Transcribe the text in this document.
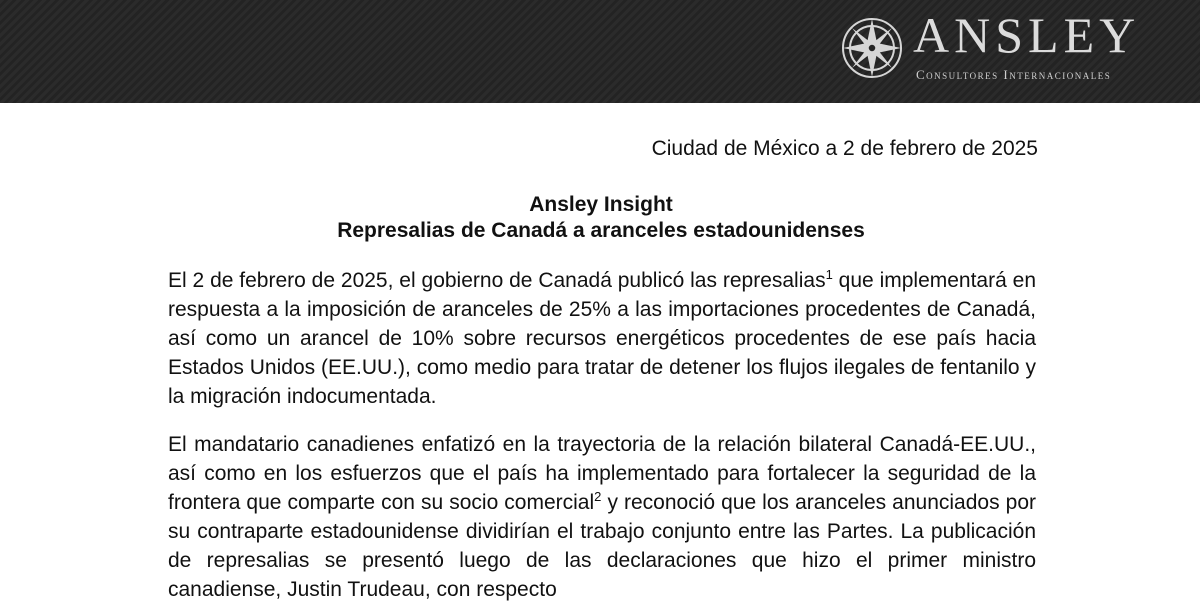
ANSLEY
Consultores Internacionales
Ciudad de México a 2 de febrero de 2025
Ansley Insight
Represalias de Canadá a aranceles estadounidenses

El 2 de febrero de 2025, el gobierno de Canadá publicó las represalias$^1$ que implementará en respuesta a la imposición de aranceles de 25% a las importaciones procedentes de Canadá, así como un arancel de 10% sobre recursos energéticos procedentes de ese país hacia Estados Unidos (EE.UU.), como medio para tratar de detener los flujos ilegales de fentanilo y la migración indocumentada.

El mandatario canadienes enfatizó en la trayectoria de la relación bilateral Canadá-EE.UU., así como en los esfuerzos que el país ha implementado para fortalecer la seguridad de la frontera que comparte con su socio comercial$^2$ y reconoció que los aranceles anunciados por su contraparte estadounidense dividirían el trabajo conjunto entre las Partes. La publicación de represalias se presentó luego de las declaraciones que hizo el primer ministro canadiense, Justin Trudeau, con respecto
